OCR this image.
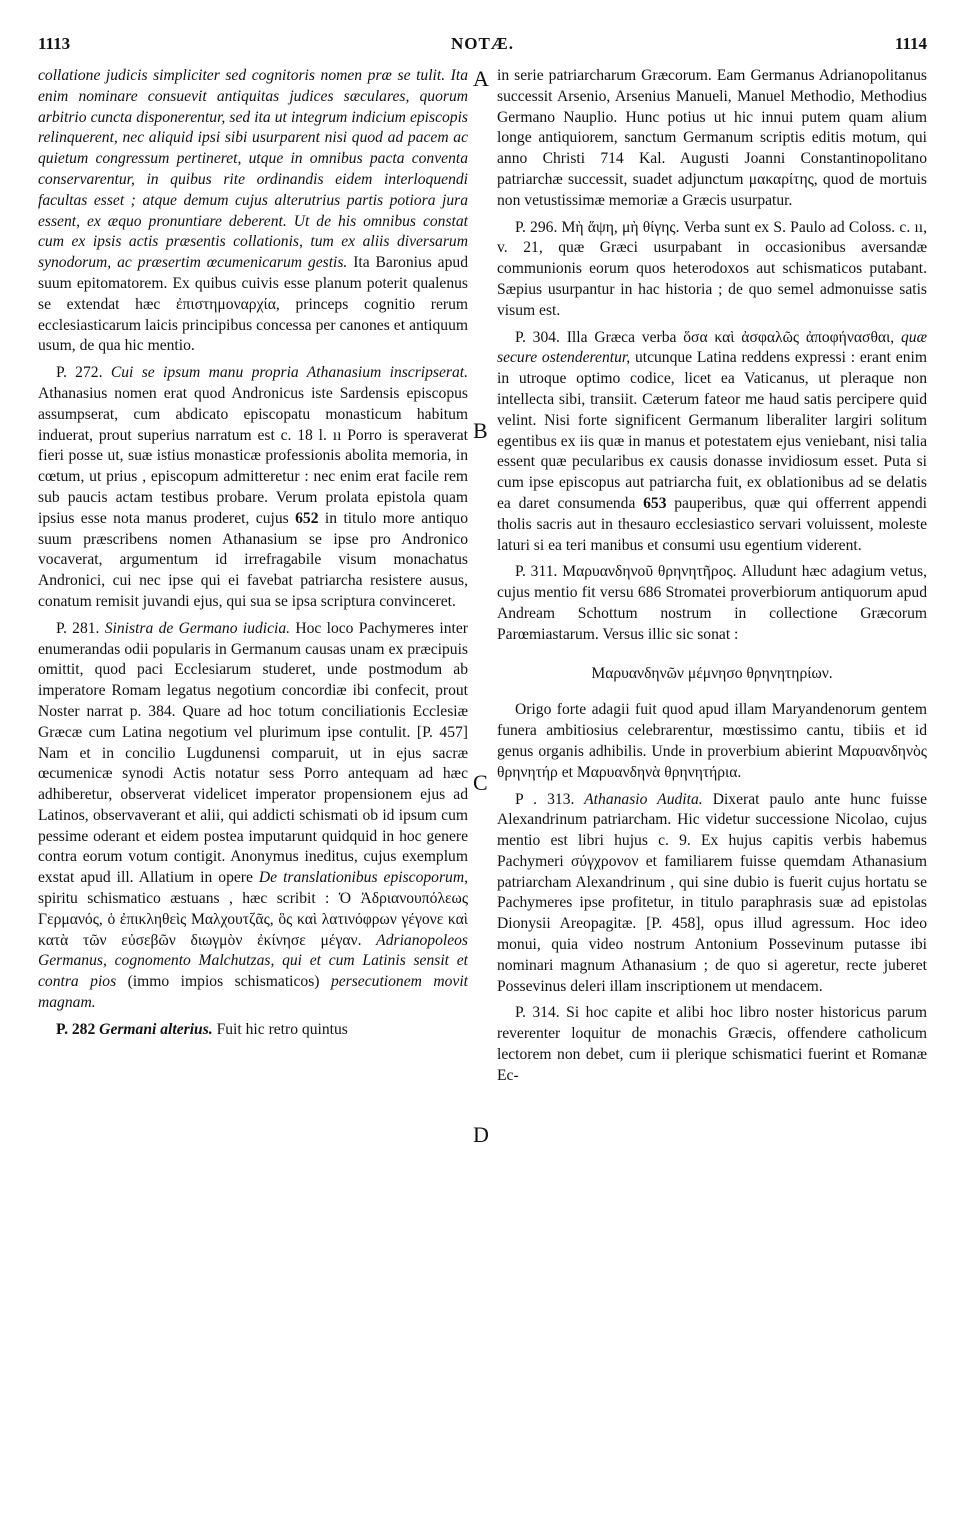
1113	NOTÆ.	1114
A
B
C
D

collatione judicis simpliciter sed cognitoris nomen præ se tulit. Ita enim nominare consuevit antiquitas judices sæculares, quorum arbitrio cuncta disponerentur, sed ita ut integrum indicium episcopis relinquerent, nec aliquid ipsi sibi usurparent nisi quod ad pacem ac quietum congressum pertineret, utque in omnibus pacta conventa conservarentur, in quibus rite ordinandis eidem interloquendi facultas esset ; atque demum cujus alterutrius partis potiora jura essent, ex æquo pronuntiare deberent. Ut de his omnibus constat cum ex ipsis actis præsentis collationis, tum ex aliis diversarum synodorum, ac præsertim œcumenicarum gestis. Ita Baronius apud suum epitomatorem. Ex quibus cuivis esse planum poterit qualenus se extendat hæc ἐπιστημοναρχία, princeps cognitio rerum ecclesiasticarum laicis principibus concessa per canones et antiquum usum, de qua hic mentio.

P. 272. Cui se ipsum manu propria Athanasium inscripserat. Athanasius nomen erat quod Andronicus iste Sardensis episcopus assumpserat, cum abdicato episcopatu monasticum habitum induerat, prout superius narratum est c. 18 l. ıı Porro is speraverat fieri posse ut, suæ istius monasticæ professionis abolita memoria, in cœtum, ut prius , episcopum admitteretur : nec enim erat facile rem sub paucis actam testibus probare. Verum prolata epistola quam ipsius esse nota manus proderet, cujus 652 in titulo more antiquo suum præscribens nomen Athanasium se ipse pro Andronico vocaverat, argumentum id irrefragabile visum monachatus Andronici, cui nec ipse qui ei favebat patriarcha resistere ausus, conatum remisit juvandi ejus, qui sua se ipsa scriptura convinceret.

P. 281. Sinistra de Germano iudicia. Hoc loco Pachymeres inter enumerandas odii popularis in Germanum causas unam ex præcipuis omittit, quod paci Ecclesiarum studeret, unde postmodum ab imperatore Romam legatus negotium concordiæ ibi confecit, prout Noster narrat p. 384. Quare ad hoc totum conciliationis Ecclesiæ Græcæ cum Latina negotium vel plurimum ipse contulit. [P. 457] Nam et in concilio Lugdunensi comparuit, ut in ejus sacræ œcumenicæ synodi Actis notatur sess Porro antequam ad hæc adhiberetur, observerat videlicet imperator propensionem ejus ad Latinos, observaverant et alii, qui addicti schismati ob id ipsum cum pessime oderant et eidem postea imputarunt quidquid in hoc genere contra eorum votum contigit. Anonymus ineditus, cujus exemplum exstat apud ill. Allatium in opere De translationibus episcoporum, spiritu schismatico æstuans , hæc scribit : Ὁ Ἀδριανουπόλεως Γερμανός, ὁ ἐπικληθεὶς Μαλχουτζᾶς, ὃς καὶ λατινόφρων γέγονε καὶ κατὰ τῶν εὐσεβῶν διωγμὸν ἐκίνησε μέγαν. Adrianopoleos Germanus, cognomento Malchutzas, qui et cum Latinis sensit et contra pios (immo impios schismaticos) persecutionem movit magnam.

P. 282 Germani alterius. Fuit hic retro quintus

in serie patriarcharum Græcorum. Eam Germanus Adrianopolitanus successit Arsenio, Arsenius Manueli, Manuel Methodio, Methodius Germano Nauplio. Hunc potius ut hic innui putem quam alium longe antiquiorem, sanctum Germanum scriptis editis motum, qui anno Christi 714 Kal. Augusti Joanni Constantinopolitano patriarchæ successit, suadet adjunctum μακαρίτης, quod de mortuis non vetustissimæ memoriæ a Græcis usurpatur.

P. 296. Μὴ ἅψη, μὴ θίγης. Verba sunt ex S. Paulo ad Coloss. c. ıı, v. 21, quæ Græci usurpabant in occasionibus aversandæ communionis eorum quos heterodoxos aut schismaticos putabant. Sæpius usurpantur in hac historia ; de quo semel admonuisse satis visum est.

P. 304. Illa Græca verba ὅσα καὶ ἀσφαλῶς ἀποφήνασθαι, quæ secure ostenderentur, utcunque Latina reddens expressi : erant enim in utroque optimo codice, licet ea Vaticanus, ut pleraque non intellecta sibi, transiit. Cæterum fateor me haud satis percipere quid velint. Nisi forte significent Germanum liberaliter largiri solitum egentibus ex iis quæ in manus et potestatem ejus veniebant, nisi talia essent quæ pecularibus ex causis donasse invidiosum esset. Puta si cum ipse episcopus aut patriarcha fuit, ex oblationibus ad se delatis ea daret consumenda 653 pauperibus, quæ qui offerrent appendi tholis sacris aut in thesauro ecclesiastico servari voluissent, moleste laturi si ea teri manibus et consumi usu egentium viderent.

P. 311. Μαρυανδηνοῦ θρηνητῆρος. Alludunt hæc adagium vetus, cujus mentio fit versu 686 Stromatei proverbiorum antiquorum apud Andream Schottum nostrum in collectione Græcorum Parœmiastarum. Versus illic sic sonat :

Μαρυανδηνῶν μέμνησο θρηνητηρίων.

Origo forte adagii fuit quod apud illam Maryandenorum gentem funera ambitiosius celebrarentur, mœstissimo cantu, tibiis et id genus organis adhibilis. Unde in proverbium abierint Μαρυανδηνὸς θρηνητήρ et Μαρυανδηνὰ θρηνητήρια.

P . 313. Athanasio Audita. Dixerat paulo ante hunc fuisse Alexandrinum patriarcham. Hic videtur successione Nicolao, cujus mentio est libri hujus c. 9. Ex hujus capitis verbis habemus Pachymeri σύγχρονον et familiarem fuisse quemdam Athanasium patriarcham Alexandrinum , qui sine dubio is fuerit cujus hortatu se Pachymeres ipse profitetur, in titulo paraphrasis suæ ad epistolas Dionysii Areopagitæ. [P. 458], opus illud agressum. Hoc ideo monui, quia video nostrum Antonium Possevinum putasse ibi nominari magnum Athanasium ; de quo si ageretur, recte juberet Possevinus deleri illam inscriptionem ut mendacem.

P. 314. Si hoc capite et alibi hoc libro noster historicus parum reverenter loquitur de monachis Græcis, offendere catholicum lectorem non debet, cum ii plerique schismatici fuerint et Romanæ Ec-
